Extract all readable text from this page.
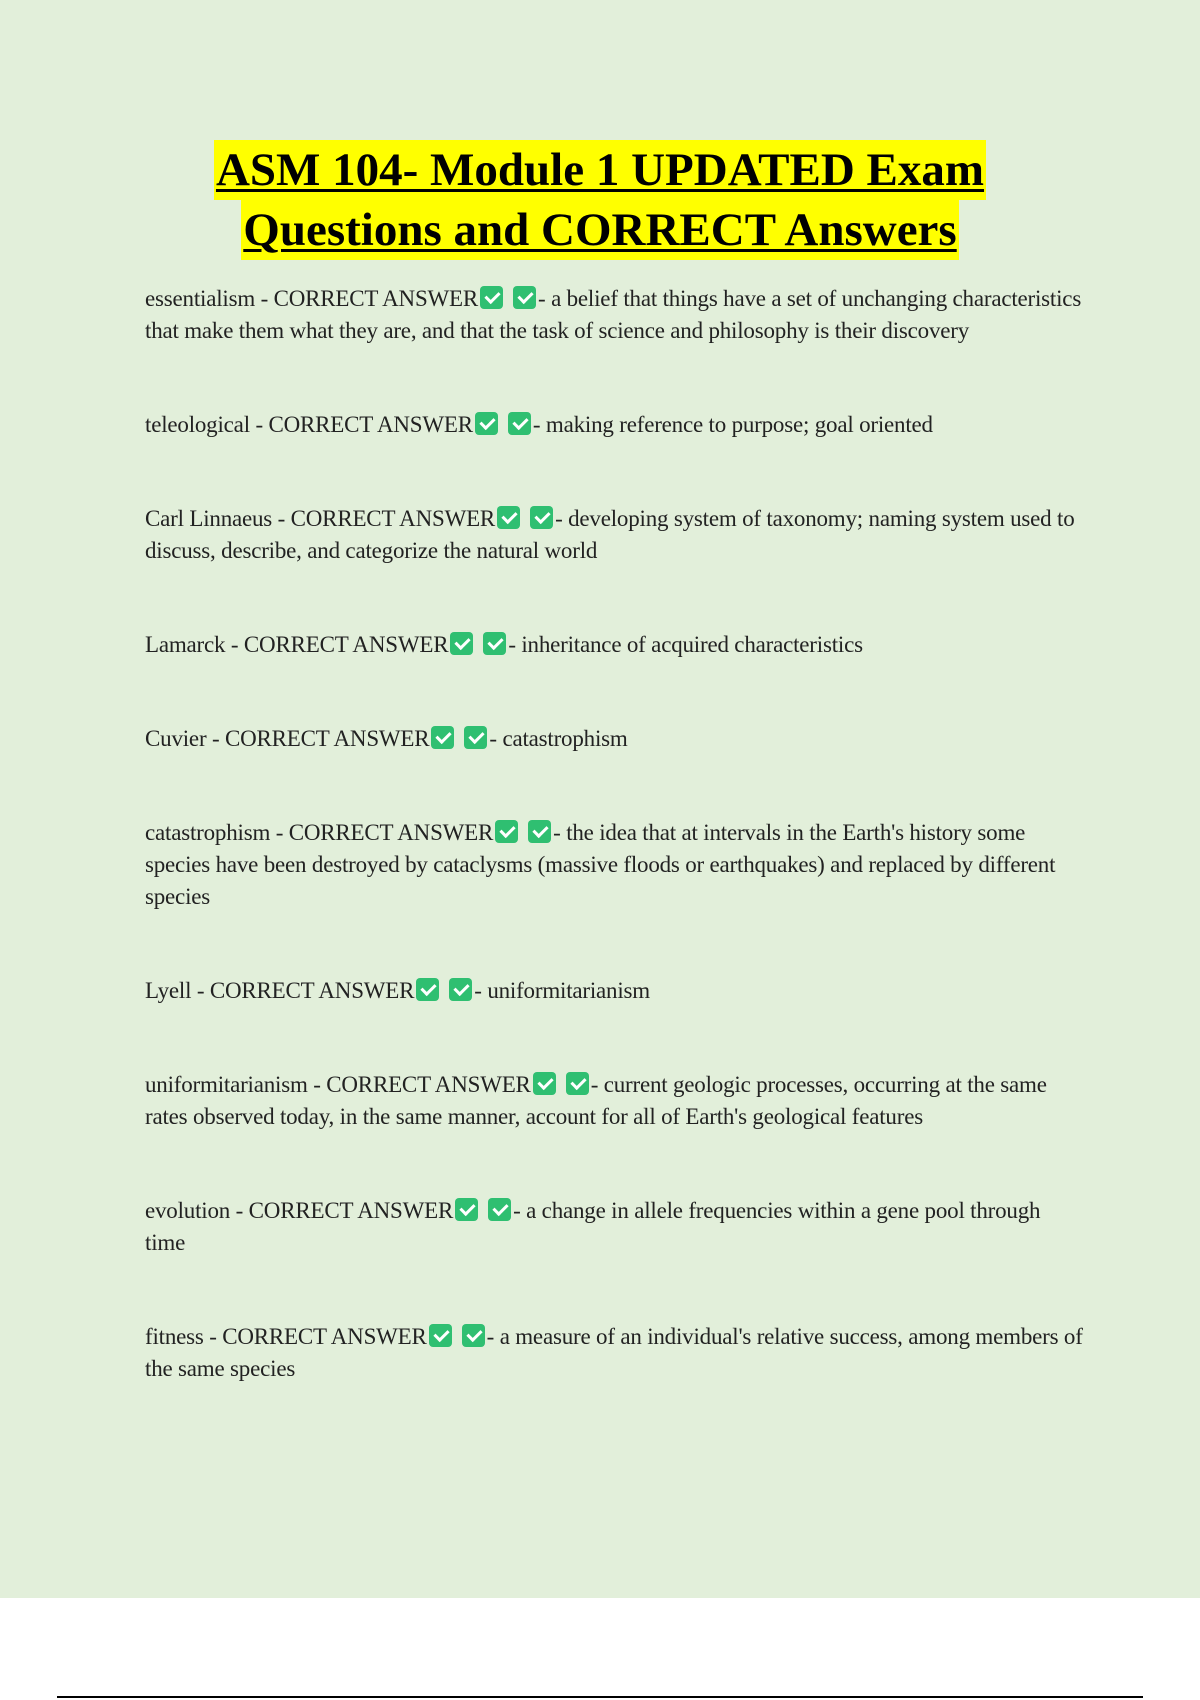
ASM 104- Module 1 UPDATED Exam
Questions and CORRECT Answers

essentialism - CORRECT ANSWER	- a belief that things have a set of unchanging characteristics that make them what they are, and that the task of science and philosophy is their discovery

teleological - CORRECT ANSWER	- making reference to purpose; goal oriented

Carl Linnaeus - CORRECT ANSWER	- developing system of taxonomy; naming system used to discuss, describe, and categorize the natural world

Lamarck - CORRECT ANSWER	- inheritance of acquired characteristics

Cuvier - CORRECT ANSWER	- catastrophism

catastrophism - CORRECT ANSWER	- the idea that at intervals in the Earth's history some species have been destroyed by cataclysms (massive floods or earthquakes) and replaced by different species

Lyell - CORRECT ANSWER	- uniformitarianism

uniformitarianism - CORRECT ANSWER	- current geologic processes, occurring at the same rates observed today, in the same manner, account for all of Earth's geological features

evolution - CORRECT ANSWER	- a change in allele frequencies within a gene pool through time

fitness - CORRECT ANSWER	- a measure of an individual's relative success, among members of the same species
